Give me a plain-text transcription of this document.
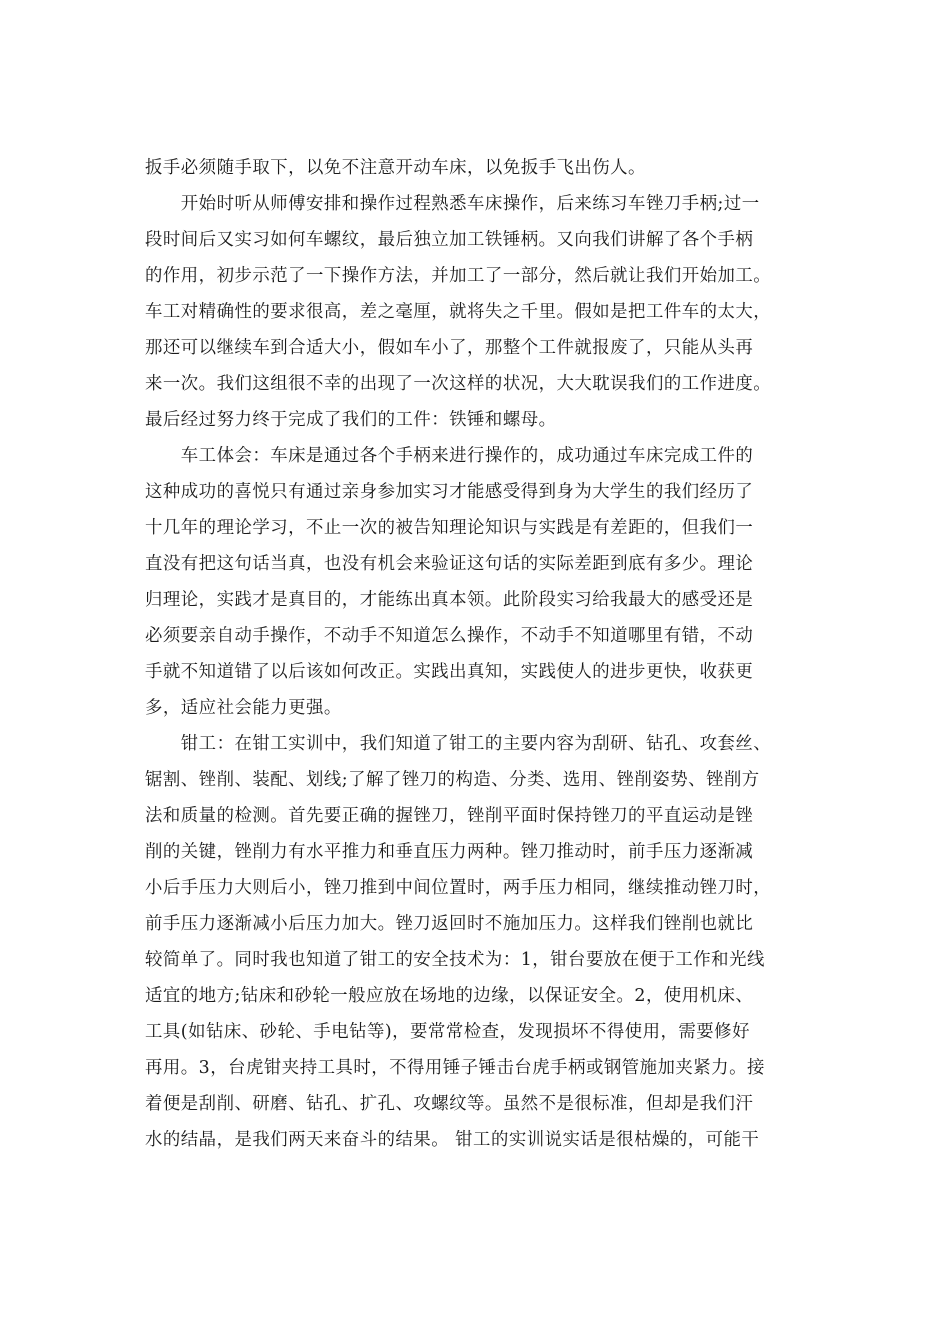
扳手必须随手取下，以免不注意开动车床，以免扳手飞出伤人。
　　开始时听从师傅安排和操作过程熟悉车床操作，后来练习车锉刀手柄;过一
段时间后又实习如何车螺纹，最后独立加工铁锤柄。又向我们讲解了各个手柄
的作用，初步示范了一下操作方法，并加工了一部分，然后就让我们开始加工。
车工对精确性的要求很高，差之毫厘，就将失之千里。假如是把工件车的太大，
那还可以继续车到合适大小，假如车小了，那整个工件就报废了，只能从头再
来一次。我们这组很不幸的出现了一次这样的状况，大大耽误我们的工作进度。
最后经过努力终于完成了我们的工件：铁锤和螺母。
　　车工体会：车床是通过各个手柄来进行操作的，成功通过车床完成工件的
这种成功的喜悦只有通过亲身参加实习才能感受得到身为大学生的我们经历了
十几年的理论学习，不止一次的被告知理论知识与实践是有差距的，但我们一
直没有把这句话当真，也没有机会来验证这句话的实际差距到底有多少。理论
归理论，实践才是真目的，才能练出真本领。此阶段实习给我最大的感受还是
必须要亲自动手操作，不动手不知道怎么操作，不动手不知道哪里有错，不动
手就不知道错了以后该如何改正。实践出真知，实践使人的进步更快，收获更
多，适应社会能力更强。
　　钳工：在钳工实训中，我们知道了钳工的主要内容为刮研、钻孔、攻套丝、
锯割、锉削、装配、划线;了解了锉刀的构造、分类、选用、锉削姿势、锉削方
法和质量的检测。首先要正确的握锉刀，锉削平面时保持锉刀的平直运动是锉
削的关键，锉削力有水平推力和垂直压力两种。锉刀推动时，前手压力逐渐减
小后手压力大则后小，锉刀推到中间位置时，两手压力相同，继续推动锉刀时，
前手压力逐渐减小后压力加大。锉刀返回时不施加压力。这样我们锉削也就比
较简单了。同时我也知道了钳工的安全技术为：1，钳台要放在便于工作和光线
适宜的地方;钻床和砂轮一般应放在场地的边缘，以保证安全。2，使用机床、
工具(如钻床、砂轮、手电钻等)，要常常检查，发现损坏不得使用，需要修好
再用。3，台虎钳夹持工具时，不得用锤子锤击台虎手柄或钢管施加夹紧力。接
着便是刮削、研磨、钻孔、扩孔、攻螺纹等。虽然不是很标准，但却是我们汗
水的结晶，是我们两天来奋斗的结果。 钳工的实训说实话是很枯燥的，可能干
